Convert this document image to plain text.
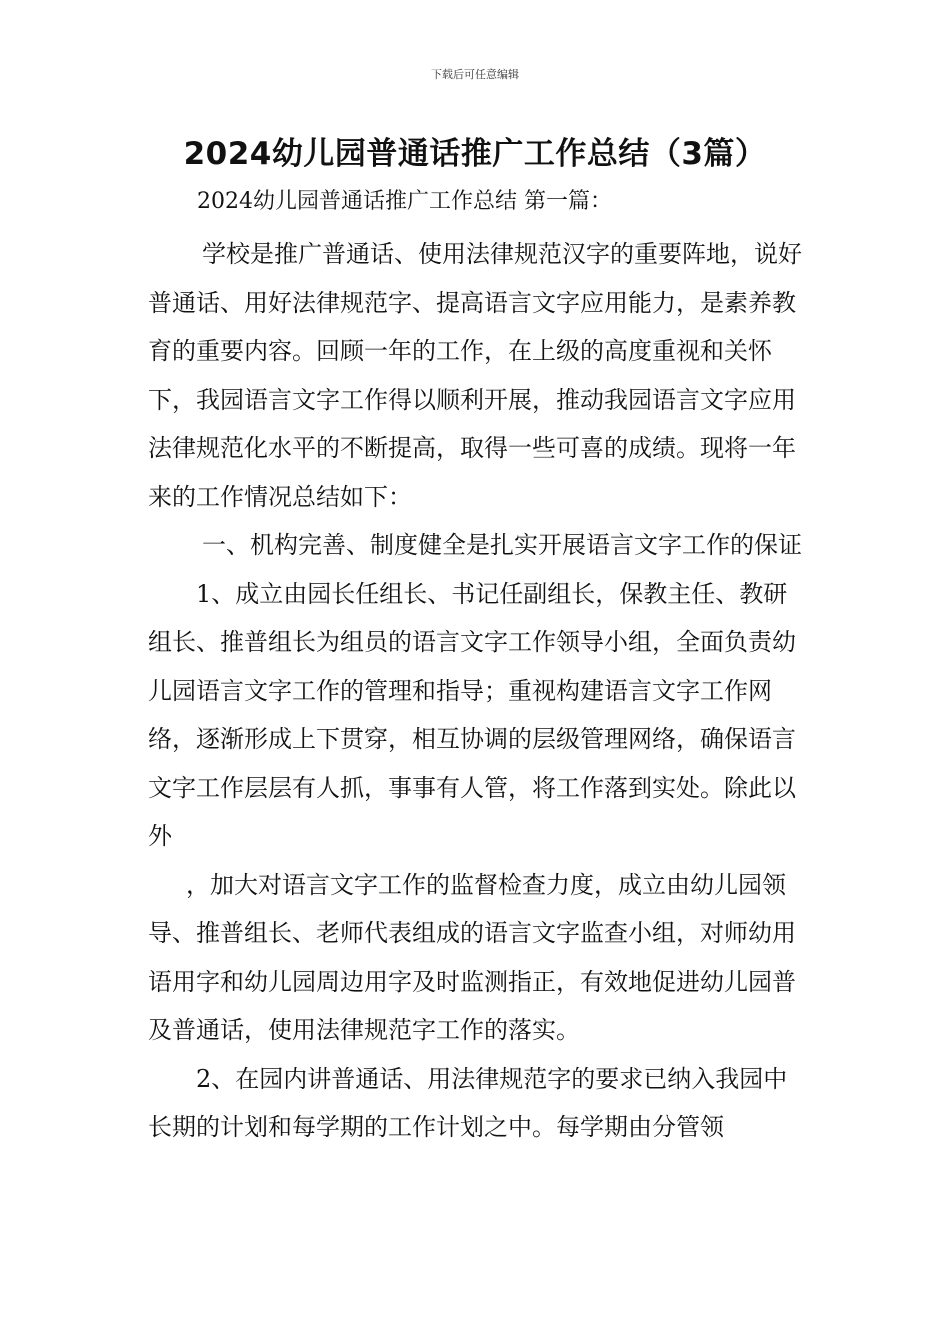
下载后可任意编辑
2024幼儿园普通话推广工作总结（3篇）
2024幼儿园普通话推广工作总结 第一篇：

学校是推广普通话、使用法律规范汉字的重要阵地，说好普通话、用好法律规范字、提高语言文字应用能力，是素养教育的重要内容。回顾一年的工作，在上级的高度重视和关怀下，我园语言文字工作得以顺利开展，推动我园语言文字应用法律规范化水平的不断提高，取得一些可喜的成绩。现将一年来的工作情况总结如下：

一、机构完善、制度健全是扎实开展语言文字工作的保证

1、成立由园长任组长、书记任副组长，保教主任、教研组长、推普组长为组员的语言文字工作领导小组，全面负责幼儿园语言文字工作的管理和指导；重视构建语言文字工作网络，逐渐形成上下贯穿，相互协调的层级管理网络，确保语言文字工作层层有人抓，事事有人管，将工作落到实处。除此以外

，加大对语言文字工作的监督检查力度，成立由幼儿园领导、推普组长、老师代表组成的语言文字监查小组，对师幼用语用字和幼儿园周边用字及时监测指正，有效地促进幼儿园普及普通话，使用法律规范字工作的落实。

2、在园内讲普通话、用法律规范字的要求已纳入我园中长期的计划和每学期的工作计划之中。每学期由分管领
